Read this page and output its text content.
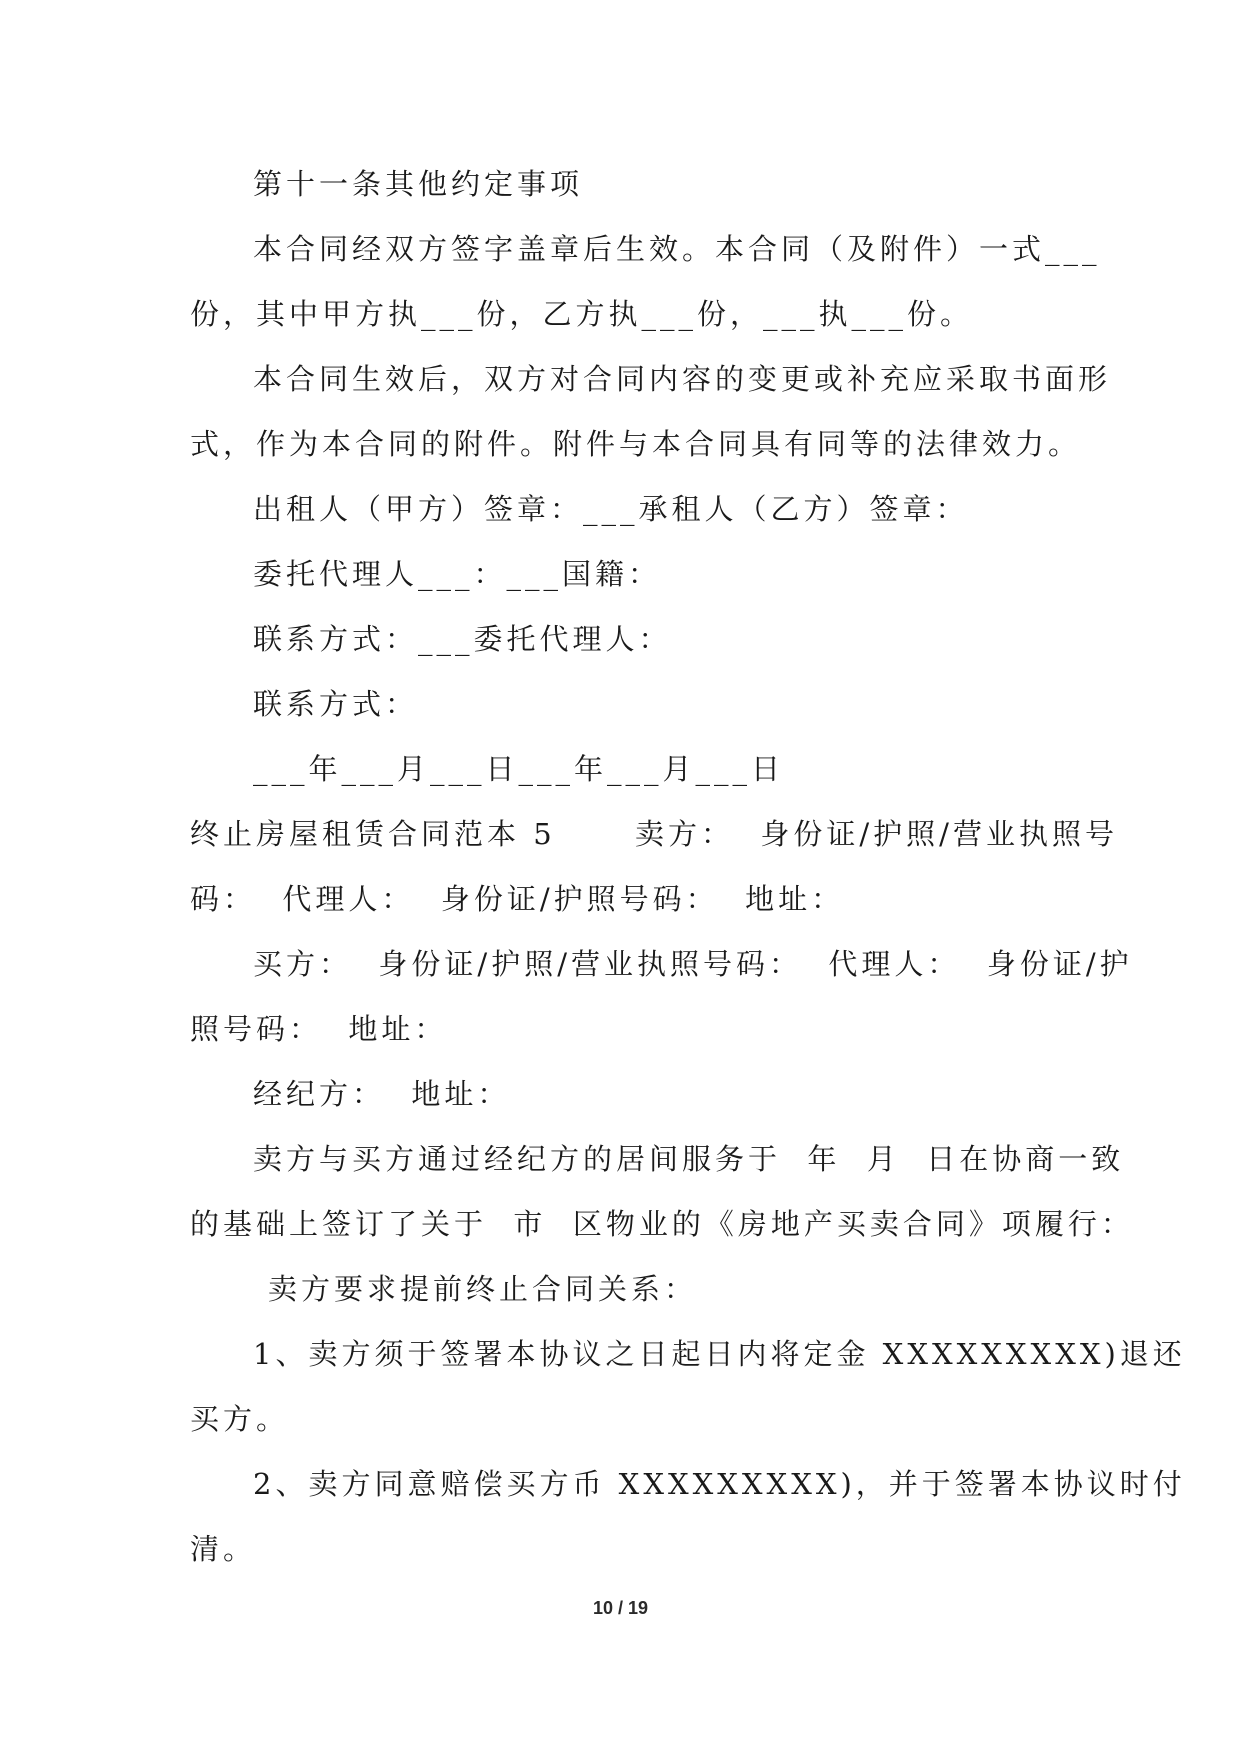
第十一条其他约定事项
本合同经双方签字盖章后生效。本合同（及附件）一式___
份，其中甲方执___份，乙方执___份，___执___份。
本合同生效后，双方对合同内容的变更或补充应采取书面形
式，作为本合同的附件。附件与本合同具有同等的法律效力。
出租人（甲方）签章：___承租人（乙方）签章：
委托代理人___：___国籍：
联系方式：___委托代理人：
联系方式：
___年___月___日___年___月___日
终止房屋租赁合同范本 5      卖方：  身份证/护照/营业执照号
码：  代理人：  身份证/护照号码：  地址：
买方：  身份证/护照/营业执照号码：  代理人：  身份证/护
照号码：  地址：
经纪方：  地址：
卖方与买方通过经纪方的居间服务于  年  月  日在协商一致
的基础上签订了关于  市  区物业的《房地产买卖合同》项履行：
卖方要求提前终止合同关系：
1、卖方须于签署本协议之日起日内将定金 XXXXXXXXX)退还
买方。
2、卖方同意赔偿买方币 XXXXXXXXX)，并于签署本协议时付
清。
10 / 19
